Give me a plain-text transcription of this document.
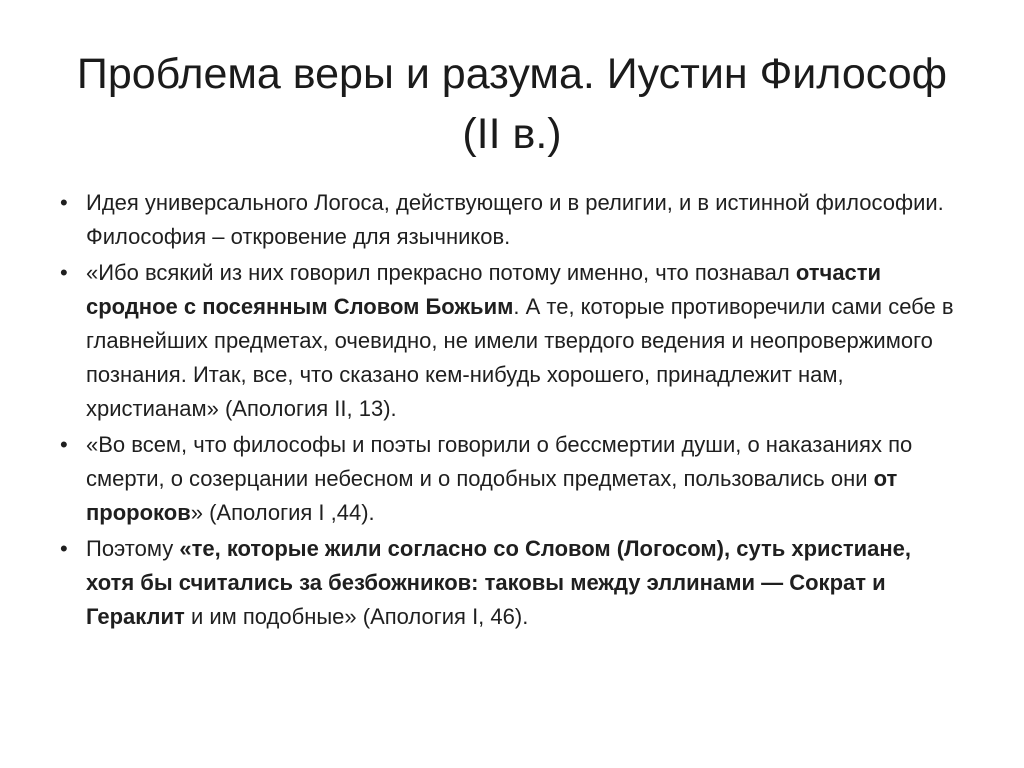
Проблема веры и разума. Иустин Философ
(II в.)
• Идея универсального Логоса, действующего и в религии, и в истинной философии. Философия – откровение для язычников.
• «Ибо всякий из них говорил прекрасно потому именно, что познавал отчасти сродное с посеянным Словом Божьим. А те, которые противоречили сами себе в главнейших предметах, очевидно, не имели твердого ведения и неопровержимого познания. Итак, все, что сказано кем-нибудь хорошего, принадлежит нам, христианам» (Апология II, 13).
• «Во всем, что философы и поэты говорили о бессмертии души, о наказаниях по смерти, о созерцании небесном и о подобных предметах, пользовались они от пророков» (Апология I ,44).
• Поэтому «те, которые жили согласно со Словом (Логосом), суть христиане, хотя бы считались за безбожников: таковы между эллинами — Сократ и Гераклит и им подобные» (Апология I, 46).
